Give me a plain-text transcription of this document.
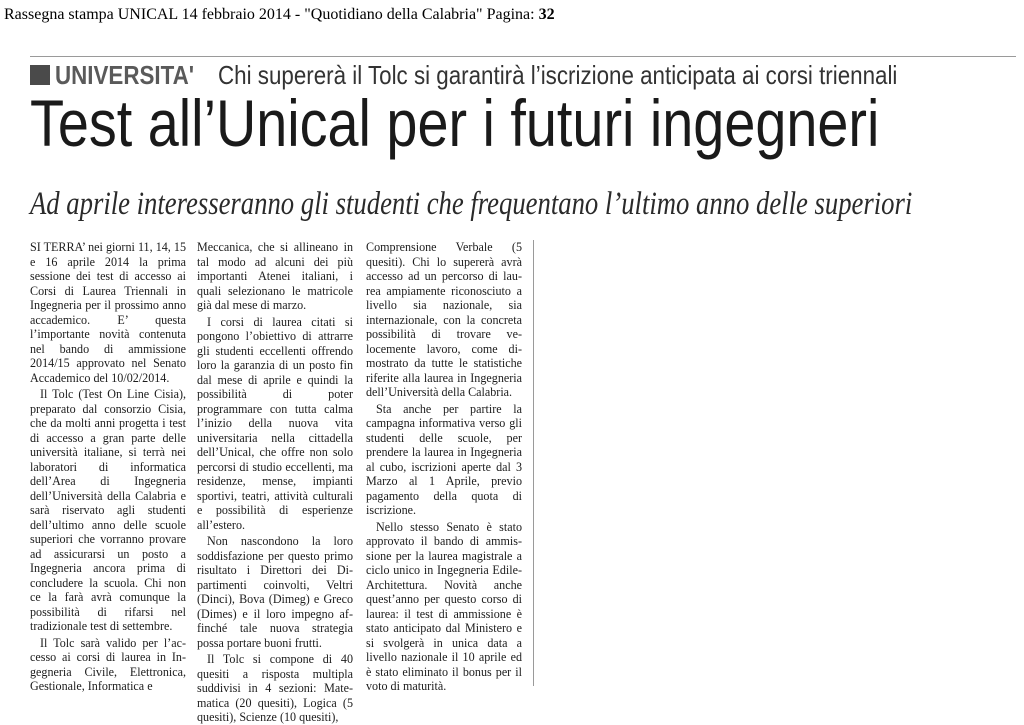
Rassegna stampa UNICAL 14 febbraio 2014 - "Quotidiano della Calabria" Pagina: 32
UNIVERSITA' Chi supererà il Tolc si garantirà l’iscrizione anticipata ai corsi triennali
Test all’Unical per i futuri ingegneri
Ad aprile interesseranno gli studenti che frequentano l’ultimo anno delle superiori

SI TERRA’ nei giorni 11, 14, 15 e 16 aprile 2014 la prima sessione dei test di accesso ai Corsi di Laurea Triennali in Ingegneria per il prossimo anno accademico. E’ questa l’importante novità contenuta nel bando di ammissione 2014/15 approvato nel Senato Accademico del 10/02/2014.

Il Tolc (Test On Line Cisia), preparato dal consorzio Cisia, che da molti anni progetta i test di accesso a gran parte delle università italiane, si terrà nei laboratori di informatica dell’Area di Ingegneria dell’Università della Calabria e sarà riservato agli studenti dell’ultimo anno delle scuole superiori che vorranno provare ad assicurarsi un posto a Ingegneria ancora prima di concludere la scuola. Chi non ce la farà avrà comunque la possibilità di rifarsi nel tradizionale test di settembre.

Il Tolc sarà valido per l’accesso ai corsi di laurea in Ingegneria Civile, Elettronica, Gestionale, Informatica e

Meccanica, che si allineano in tal modo ad alcuni dei più importanti Atenei italiani, i quali selezionano le matricole già dal mese di marzo.

I corsi di laurea citati si pongono l’obiettivo di attrarre gli studenti eccellenti offrendo loro la garanzia di un posto fin dal mese di aprile e quindi la possibilità di poter programmare con tutta calma l’inizio della nuova vita universitaria nella cittadella dell’Unical, che offre non solo percorsi di studio eccellenti, ma residenze, mense, impianti sportivi, teatri, attività culturali e possibilità di esperienze all’estero.

Non nascondono la loro soddisfazione per questo primo risultato i Direttori dei Dipartimenti coinvolti, Veltri (Dinci), Bova (Dimeg) e Greco (Dimes) e il loro impegno affinché tale nuova strategia possa portare buoni frutti.

Il Tolc si compone di 40 quesiti a risposta multipla suddivisi in 4 sezioni: Matematica (20 quesiti), Logica (5 quesiti), Scienze (10 quesiti),

Comprensione Verbale (5 quesiti). Chi lo supererà avrà accesso ad un percorso di laurea ampiamente riconosciuto a livello sia nazionale, sia internazionale, con la concreta possibilità di trovare velocemente lavoro, come dimostrato da tutte le statistiche riferite alla laurea in Ingegneria dell’Università della Calabria.

Sta anche per partire la campagna informativa verso gli studenti delle scuole, per prendere la laurea in Ingegneria al cubo, iscrizioni aperte dal 3 Marzo al 1 Aprile, previo pagamento della quota di iscrizione.

Nello stesso Senato è stato approvato il bando di ammissione per la laurea magistrale a ciclo unico in Ingegneria Edile-Architettura. Novità anche quest’anno per questo corso di laurea: il test di ammissione è stato anticipato dal Ministero e si svolgerà in unica data a livello nazionale il 10 aprile ed è stato eliminato il bonus per il voto di maturità.
